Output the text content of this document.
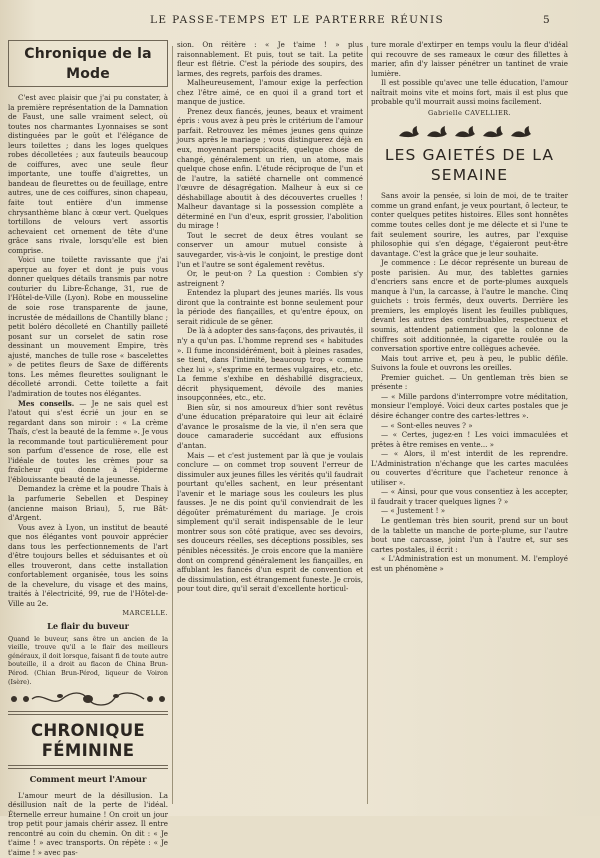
LE PASSE-TEMPS ET LE PARTERRE RÉUNIS	5
Chronique de la Mode

C'est avec plaisir que j'ai pu constater, à la première représentation de la Damnation de Faust, une salle vraiment select, où toutes nos charmantes Lyonnaises se sont distinguées par le goût et l'élégance de leurs toilettes ; dans les loges quelques robes décolletées ; aux fauteuils beaucoup de coiffures, avec une seule fleur importante, une touffe d'aigrettes, un bandeau de fleurettes ou de feuillage, entre autres, une de ces coiffures, sinon chapeau, faite tout entière d'un immense chrysanthème blanc à cœur vert. Quelques tortillons de velours vert assortis achevaient cet ornement de tête d'une grâce sans rivale, lorsqu'elle est bien comprise.

Voici une toilette ravissante que j'ai aperçue au foyer et dont je puis vous donner quelques détails transmis par notre couturier du Libre-Échange, 31, rue de l'Hôtel-de-Ville (Lyon). Robe en mousseline de soie rose transparente de jaune, incrustée de médaillons de Chantilly blanc ; petit boléro décolleté en Chantilly pailleté posant sur un corselet de satin rose dessinant un mouvement Empire, très ajusté, manches de tulle rose « bascelettes » de petites fleurs de Saxe de différents tons. Les mêmes fleurettes soulignant le décolleté arrondi. Cette toilette a fait l'admiration de toutes nos élégantes.

Mes conseils. — Je ne sais quel est l'atout qui s'est écrié un jour en se regardant dans son miroir : « La crème Thaïs, c'est la beauté de la femme ». Je vous la recommande tout particulièrement pour son parfum d'essence de rose, elle est l'idéale de toutes les crèmes pour sa fraîcheur qui donne à l'épiderme l'éblouissante beauté de la jeunesse.

Demandez la crème et la poudre Thaïs à la parfumerie Sebellen et Despiney (ancienne maison Briau), 5, rue Bât-d'Argent.

Vous avez à Lyon, un institut de beauté que nos élégantes vont pouvoir apprécier dans tous les perfectionnements de l'art d'être toujours belles et séduisantes et où elles trouveront, dans cette installation confortablement organisée, tous les soins de la chevelure, du visage et des mains, traités à l'électricité, 99, rue de l'Hôtel-de-Ville au 2e.

MARCELLE.
Le flair du buveur

Quand le buveur, sans être un ancien de la vieille, trouve qu'il a le flair des meilleurs généraux, il doit lorsque, faisant fi de toute autre bouteille, il a droit au flacon de China Brun-Pérod. (Chian Brun-Pérod, liqueur de Voiron (Isère).

CHRONIQUE FÉMININE
Comment meurt l'Amour

L'amour meurt de la désillusion. La désillusion naît de la perte de l'idéal. Éternelle erreur humaine ! On croit un jour trop petit pour jamais chérir assez. Il entre rencontré au coin du chemin. On dit : « Je t'aime ! » avec transports. On répète : « Je t'aime ! » avec pas-

sion. On réitère : « Je t'aime ! » plus raisonnablement. Et puis, tout se tait. La petite fleur est flétrie. C'est la période des soupirs, des larmes, des regrets, parfois des drames.

Malheureusement, l'amour exige la perfection chez l'être aimé, ce en quoi il a grand tort et manque de justice.

Prenez deux fiancés, jeunes, beaux et vraiment épris : vous avez à peu près le critérium de l'amour parfait. Retrouvez les mêmes jeunes gens quinze jours après le mariage ; vous distinguerez déjà en eux, moyennant perspicacité, quelque chose de changé, généralement un rien, un atome, mais quelque chose enfin. L'étude réciproque de l'un et de l'autre, la satiété charnelle ont commencé l'œuvre de désagrégation. Malheur à eux si ce déshabillage aboutit à des découvertes cruelles ! Malheur davantage si la possession complète a déterminé en l'un d'eux, esprit grossier, l'abolition du mirage !

Tout le secret de deux êtres voulant se conserver un amour mutuel consiste à sauvegarder, vis-à-vis le conjoint, le prestige dont l'un et l'autre se sont également revêtus.

Or, le peut-on ? La question : Combien s'y astreignent ?

Entendez la plupart des jeunes mariés. Ils vous diront que la contrainte est bonne seulement pour la période des fiançailles, et qu'entre époux, on serait ridicule de se gêner.

De là à adopter des sans-façons, des privautés, il n'y a qu'un pas. L'homme reprend ses « habitudes ». Il fume inconsidérément, boit à pleines rasades, se tient, dans l'intimité, beaucoup trop « comme chez lui », s'exprime en termes vulgaires, etc., etc. La femme s'exhibe en déshabillé disgracieux, décrit physiquement, dévoile des manies insoupçonnées, etc., etc.

Bien sûr, si nos amoureux d'hier sont revêtus d'une éducation préparatoire qui leur ait éclairé d'avance le prosaïsme de la vie, il n'en sera que douce camaraderie succédant aux effusions d'antan.

Mais — et c'est justement par là que je voulais conclure — on commet trop souvent l'erreur de dissimuler aux jeunes filles les vérités qu'il faudrait pourtant qu'elles sachent, en leur présentant l'avenir et le mariage sous les couleurs les plus fausses. Je ne dis point qu'il conviendrait de les dégoûter prématurément du mariage. Je crois simplement qu'il serait indispensable de le leur montrer sous son côté pratique, avec ses devoirs, ses douceurs réelles, ses déceptions possibles, ses pénibles nécessités. Je crois encore que la manière dont on comprend généralement les fiançailles, en affublant les fiancés d'un esprit de convention et de dissimulation, est étrangement funeste. Je crois, pour tout dire, qu'il serait d'excellente horticul-

ture morale d'extirper en temps voulu la fleur d'idéal qui recouvre de ses rameaux le cœur des fillettes à marier, afin d'y laisser pénétrer un tantinet de vraie lumière.

Il est possible qu'avec une telle éducation, l'amour naîtrait moins vite et moins fort, mais il est plus que probable qu'il mourrait aussi moins facilement.

Gabrielle CAVELLIER.
LES GAIETÉS DE LA SEMAINE

Sans avoir la pensée, si loin de moi, de te traiter comme un grand enfant, je veux pourtant, ô lecteur, te conter quelques petites histoires. Elles sont honnêtes comme toutes celles dont je me délecte et si l'une te fait seulement sourire, les autres, par l'exquise philosophie qui s'en dégage, t'égaieront peut-être davantage. C'est la grâce que je leur souhaite.

Je commence : Le décor représente un bureau de poste parisien. Au mur, des tablettes garnies d'encriers sans encre et de porte-plumes auxquels manque à l'un, la carcasse, à l'autre le manche. Cinq guichets : trois fermés, deux ouverts. Derrière les premiers, les employés lisent les feuilles publiques, devant les autres des contribuables, respectueux et soumis, attendent patiemment que la colonne de chiffres soit additionnée, la cigarette roulée ou la conversation sportive entre collègues achevée.

Mais tout arrive et, peu à peu, le public défile. Suivons la foule et ouvrons les oreilles.

Premier guichet. — Un gentleman très bien se présente :

— « Mille pardons d'interrompre votre méditation, monsieur l'employé. Voici deux cartes postales que je désire échanger contre des cartes-lettres ».

— « Sont-elles neuves ? »

— « Certes, jugez-en ! Les voici immaculées et prêtes à être remises en vente... »

— « Alors, il m'est interdit de les reprendre. L'Administration n'échange que les cartes maculées ou couvertes d'écriture que l'acheteur renonce à utiliser ».

— « Ainsi, pour que vous consentiez à les accepter, il faudrait y tracer quelques lignes ? »

— « Justement ! »

Le gentleman très bien sourit, prend sur un bout de la tablette un manche de porte-plume, sur l'autre bout une carcasse, joint l'un à l'autre et, sur ses cartes postales, il écrit :

« L'Administration est un monument. M. l'employé est un phénomène »
